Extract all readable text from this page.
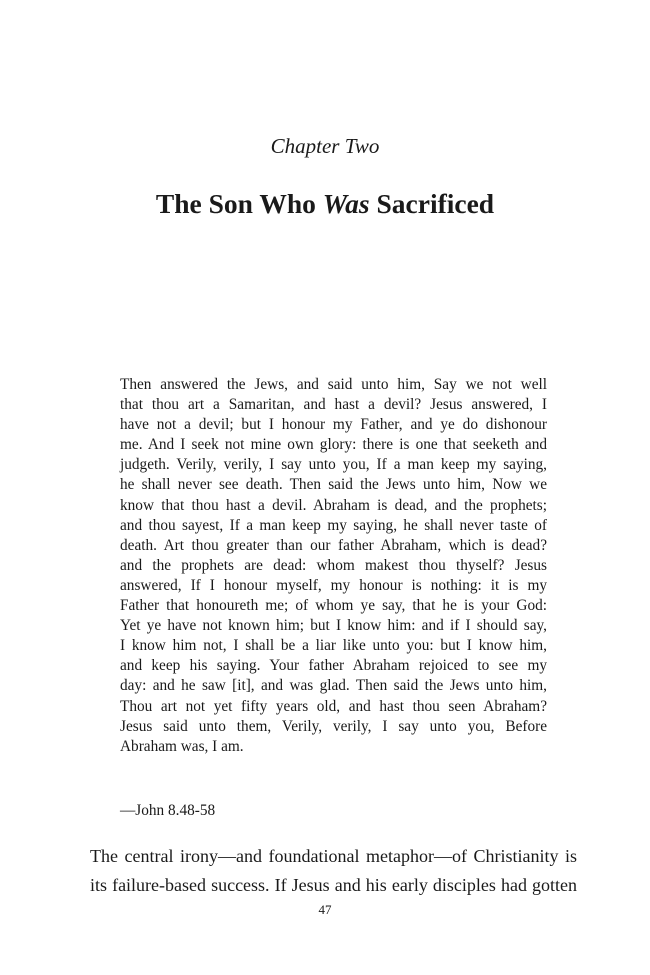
Chapter Two
The Son Who Was Sacrificed
Then answered the Jews, and said unto him, Say we not well
that thou art a Samaritan, and hast a devil? Jesus answered, I
have not a devil; but I honour my Father, and ye do dishonour
me. And I seek not mine own glory: there is one that seeketh and
judgeth. Verily, verily, I say unto you, If a man keep my saying,
he shall never see death. Then said the Jews unto him, Now we
know that thou hast a devil. Abraham is dead, and the prophets;
and thou sayest, If a man keep my saying, he shall never taste of
death. Art thou greater than our father Abraham, which is dead?
and the prophets are dead: whom makest thou thyself? Jesus
answered, If I honour myself, my honour is nothing: it is my
Father that honoureth me; of whom ye say, that he is your God:
Yet ye have not known him; but I know him: and if I should say,
I know him not, I shall be a liar like unto you: but I know him,
and keep his saying. Your father Abraham rejoiced to see my
day: and he saw [it], and was glad. Then said the Jews unto him,
Thou art not yet fifty years old, and hast thou seen Abraham?
Jesus said unto them, Verily, verily, I say unto you, Before
Abraham was, I am.
—John 8.48-58
The central irony—and foundational metaphor—of Christianity is
its failure-based success. If Jesus and his early disciples had gotten
47
